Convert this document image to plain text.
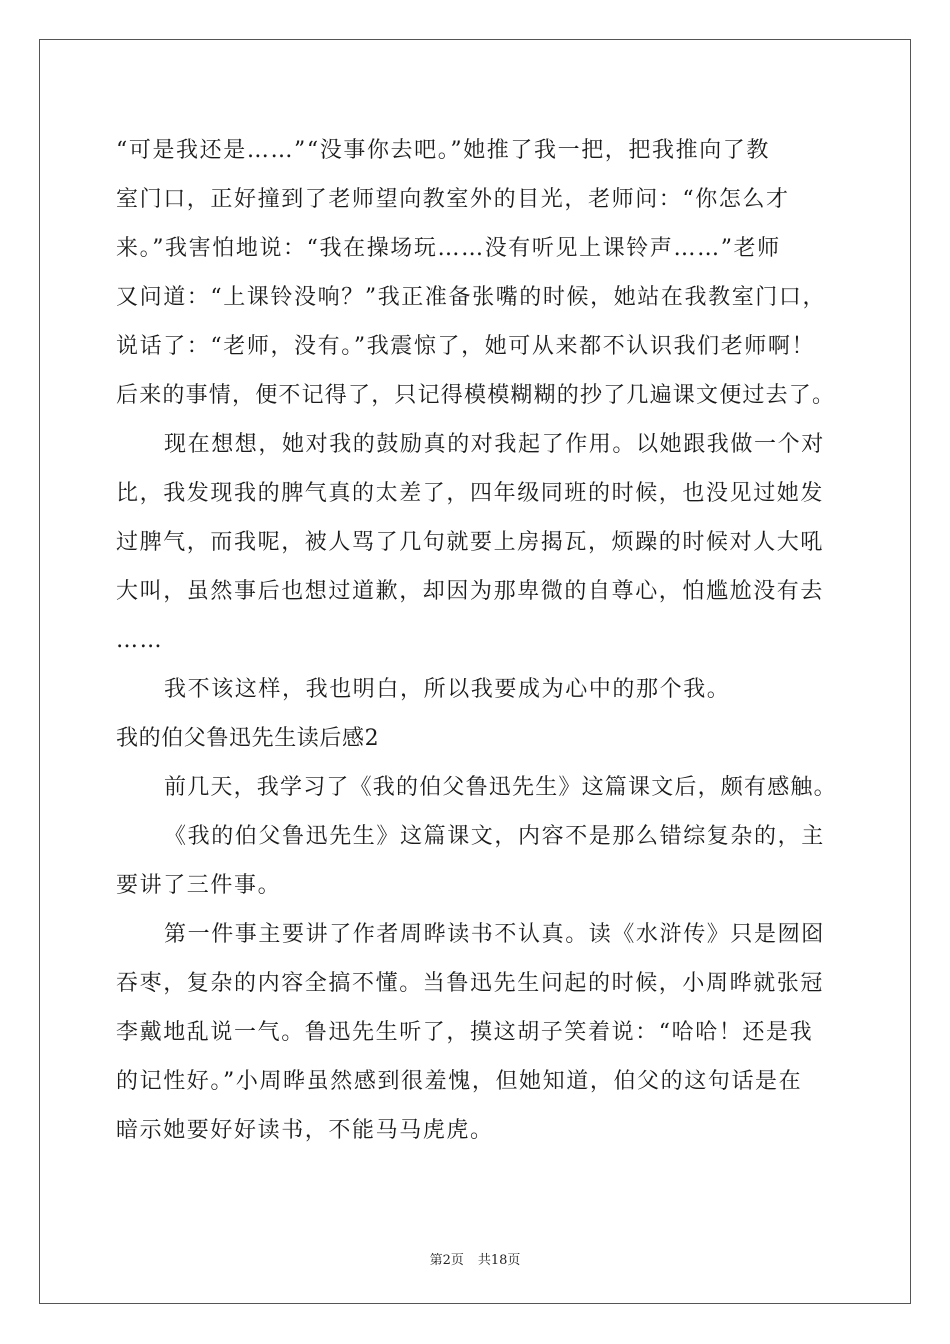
“可是我还是……”“没事你去吧。”她推了我一把，把我推向了教
室门口，正好撞到了老师望向教室外的目光，老师问：“你怎么才
来。”我害怕地说：“我在操场玩……没有听见上课铃声……”老师
又问道：“上课铃没响？”我正准备张嘴的时候，她站在我教室门口，
说话了：“老师，没有。”我震惊了，她可从来都不认识我们老师啊！
后来的事情，便不记得了，只记得模模糊糊的抄了几遍课文便过去了。
现在想想，她对我的鼓励真的对我起了作用。以她跟我做一个对
比，我发现我的脾气真的太差了，四年级同班的时候，也没见过她发
过脾气，而我呢，被人骂了几句就要上房揭瓦，烦躁的时候对人大吼
大叫，虽然事后也想过道歉，却因为那卑微的自尊心，怕尴尬没有去
……
我不该这样，我也明白，所以我要成为心中的那个我。
我的伯父鲁迅先生读后感2
前几天，我学习了《我的伯父鲁迅先生》这篇课文后，颇有感触。
《我的伯父鲁迅先生》这篇课文，内容不是那么错综复杂的，主
要讲了三件事。
第一件事主要讲了作者周晔读书不认真。读《水浒传》只是囫囵
吞枣，复杂的内容全搞不懂。当鲁迅先生问起的时候，小周晔就张冠
李戴地乱说一气。鲁迅先生听了，摸这胡子笑着说：“哈哈！还是我
的记性好。”小周晔虽然感到很羞愧，但她知道，伯父的这句话是在
暗示她要好好读书，不能马马虎虎。
第2页 共18页
